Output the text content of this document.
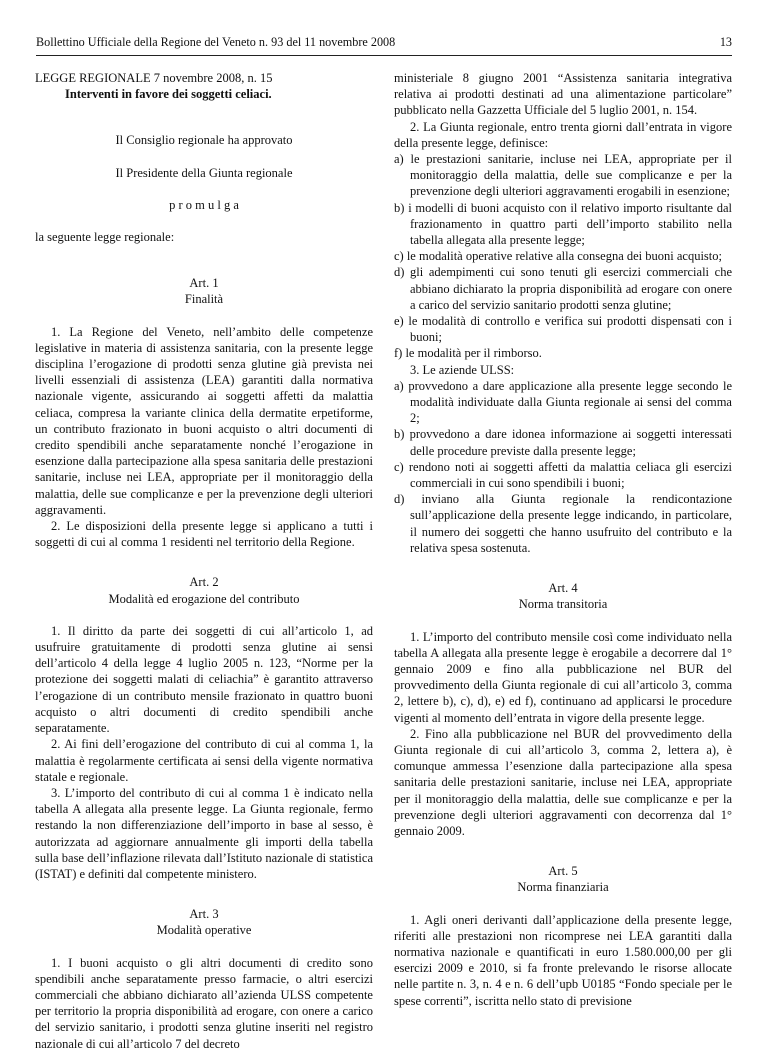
Bollettino Ufficiale della Regione del Veneto n. 93 del 11 novembre 2008	13

LEGGE REGIONALE 7 novembre 2008, n. 15

Interventi in favore dei soggetti celiaci.

Il Consiglio regionale ha approvato

Il Presidente della Giunta regionale

p r o m u l g a

la seguente legge regionale:

Art. 1

Finalità

1. La Regione del Veneto, nell’ambito delle competenze legislative in materia di assistenza sanitaria, con la presente legge disciplina l’erogazione di prodotti senza glutine già prevista nei livelli essenziali di assistenza (LEA) garantiti dalla normativa nazionale vigente, assicurando ai soggetti affetti da malattia celiaca, compresa la variante clinica della dermatite erpetiforme, un contributo frazionato in buoni acquisto o altri documenti di credito spendibili anche separatamente nonché l’erogazione in esenzione dalla partecipazione alla spesa sanitaria delle prestazioni sanitarie, incluse nei LEA, appropriate per il monitoraggio della malattia, delle sue complicanze e per la prevenzione degli ulteriori aggravamenti.

2. Le disposizioni della presente legge si applicano a tutti i soggetti di cui al comma 1 residenti nel territorio della Regione.

Art. 2

Modalità ed erogazione del contributo

1. Il diritto da parte dei soggetti di cui all’articolo 1, ad usufruire gratuitamente di prodotti senza glutine ai sensi dell’articolo 4 della legge 4 luglio 2005 n. 123, “Norme per la protezione dei soggetti malati di celiachia” è garantito attraverso l’erogazione di un contributo mensile frazionato in quattro buoni acquisto o altri documenti di credito spendibili anche separatamente.

2. Ai fini dell’erogazione del contributo di cui al comma 1, la malattia è regolarmente certificata ai sensi della vigente normativa statale e regionale.

3. L’importo del contributo di cui al comma 1 è indicato nella tabella A allegata alla presente legge. La Giunta regionale, fermo restando la non differenziazione dell’importo in base al sesso, è autorizzata ad aggiornare annualmente gli importi della tabella sulla base dell’inflazione rilevata dall’Istituto nazionale di statistica (ISTAT) e definiti dal competente ministero.

Art. 3

Modalità operative

1. I buoni acquisto o gli altri documenti di credito sono spendibili anche separatamente presso farmacie, o altri esercizi commerciali che abbiano dichiarato all’azienda ULSS competente per territorio la propria disponibilità ad erogare, con onere a carico del servizio sanitario, i prodotti senza glutine inseriti nel registro nazionale di cui all’articolo 7 del decreto

ministeriale 8 giugno 2001 “Assistenza sanitaria integrativa relativa ai prodotti destinati ad una alimentazione particolare” pubblicato nella Gazzetta Ufficiale del 5 luglio 2001, n. 154.

2. La Giunta regionale, entro trenta giorni dall’entrata in vigore della presente legge, definisce:

a) le prestazioni sanitarie, incluse nei LEA, appropriate per il monitoraggio della malattia, delle sue complicanze e per la prevenzione degli ulteriori aggravamenti erogabili in esenzione;

b) i modelli di buoni acquisto con il relativo importo risultante dal frazionamento in quattro parti dell’importo stabilito nella tabella allegata alla presente legge;

c) le modalità operative relative alla consegna dei buoni acquisto;

d) gli adempimenti cui sono tenuti gli esercizi commerciali che abbiano dichiarato la propria disponibilità ad erogare con onere a carico del servizio sanitario prodotti senza glutine;

e) le modalità di controllo e verifica sui prodotti dispensati con i buoni;

f) le modalità per il rimborso.

3. Le aziende ULSS:

a) provvedono a dare applicazione alla presente legge secondo le modalità individuate dalla Giunta regionale ai sensi del comma 2;

b) provvedono a dare idonea informazione ai soggetti interessati delle procedure previste dalla presente legge;

c) rendono noti ai soggetti affetti da malattia celiaca gli esercizi commerciali in cui sono spendibili i buoni;

d) inviano alla Giunta regionale la rendicontazione sull’applicazione della presente legge indicando, in particolare, il numero dei soggetti che hanno usufruito del contributo e la relativa spesa sostenuta.

Art. 4

Norma transitoria

1. L’importo del contributo mensile così come individuato nella tabella A allegata alla presente legge è erogabile a decorrere dal 1° gennaio 2009 e fino alla pubblicazione nel BUR del provvedimento della Giunta regionale di cui all’articolo 3, comma 2, lettere b), c), d), e) ed f), continuano ad applicarsi le procedure vigenti al momento dell’entrata in vigore della presente legge.

2. Fino alla pubblicazione nel BUR del provvedimento della Giunta regionale di cui all’articolo 3, comma 2, lettera a), è comunque ammessa l’esenzione dalla partecipazione alla spesa sanitaria delle prestazioni sanitarie, incluse nei LEA, appropriate per il monitoraggio della malattia, delle sue complicanze e per la prevenzione degli ulteriori aggravamenti con decorrenza dal 1° gennaio 2009.

Art. 5

Norma finanziaria

1. Agli oneri derivanti dall’applicazione della presente legge, riferiti alle prestazioni non ricomprese nei LEA garantiti dalla normativa nazionale e quantificati in euro 1.580.000,00 per gli esercizi 2009 e 2010, si fa fronte prelevando le risorse allocate nelle partite n. 3, n. 4 e n. 6 dell’upb U0185 “Fondo speciale per le spese correnti”, iscritta nello stato di previsione
